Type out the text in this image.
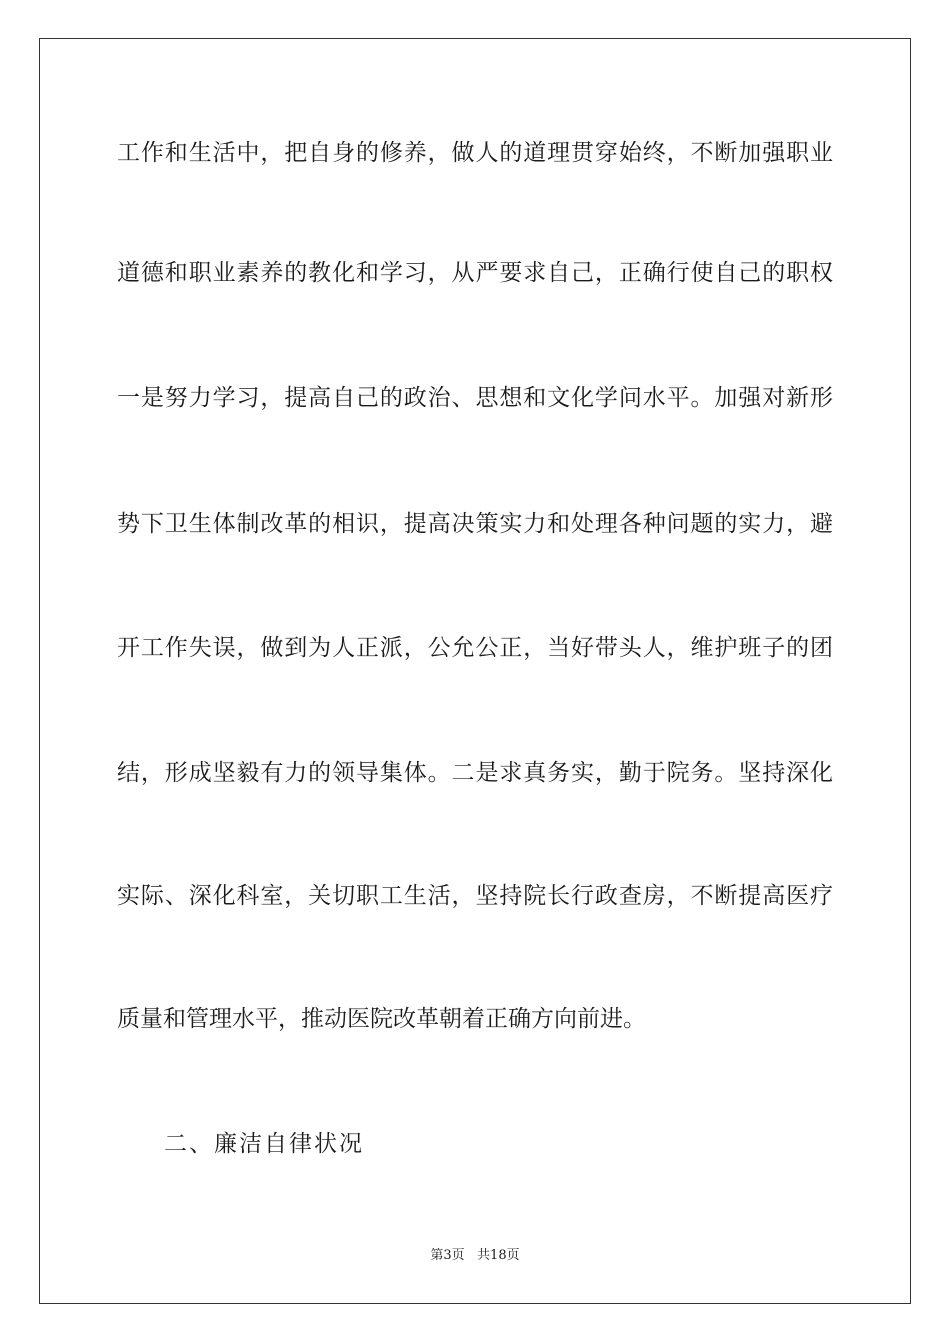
工作和生活中，把自身的修养，做人的道理贯穿始终，不断加强职业
道德和职业素养的教化和学习，从严要求自己，正确行使自己的职权
一是努力学习，提高自己的政治、思想和文化学问水平。加强对新形
势下卫生体制改革的相识，提高决策实力和处理各种问题的实力，避
开工作失误，做到为人正派，公允公正，当好带头人，维护班子的团
结，形成坚毅有力的领导集体。二是求真务实，勤于院务。坚持深化
实际、深化科室，关切职工生活，坚持院长行政查房，不断提高医疗
质量和管理水平，推动医院改革朝着正确方向前进。
二、廉洁自律状况
第3页   共18页
